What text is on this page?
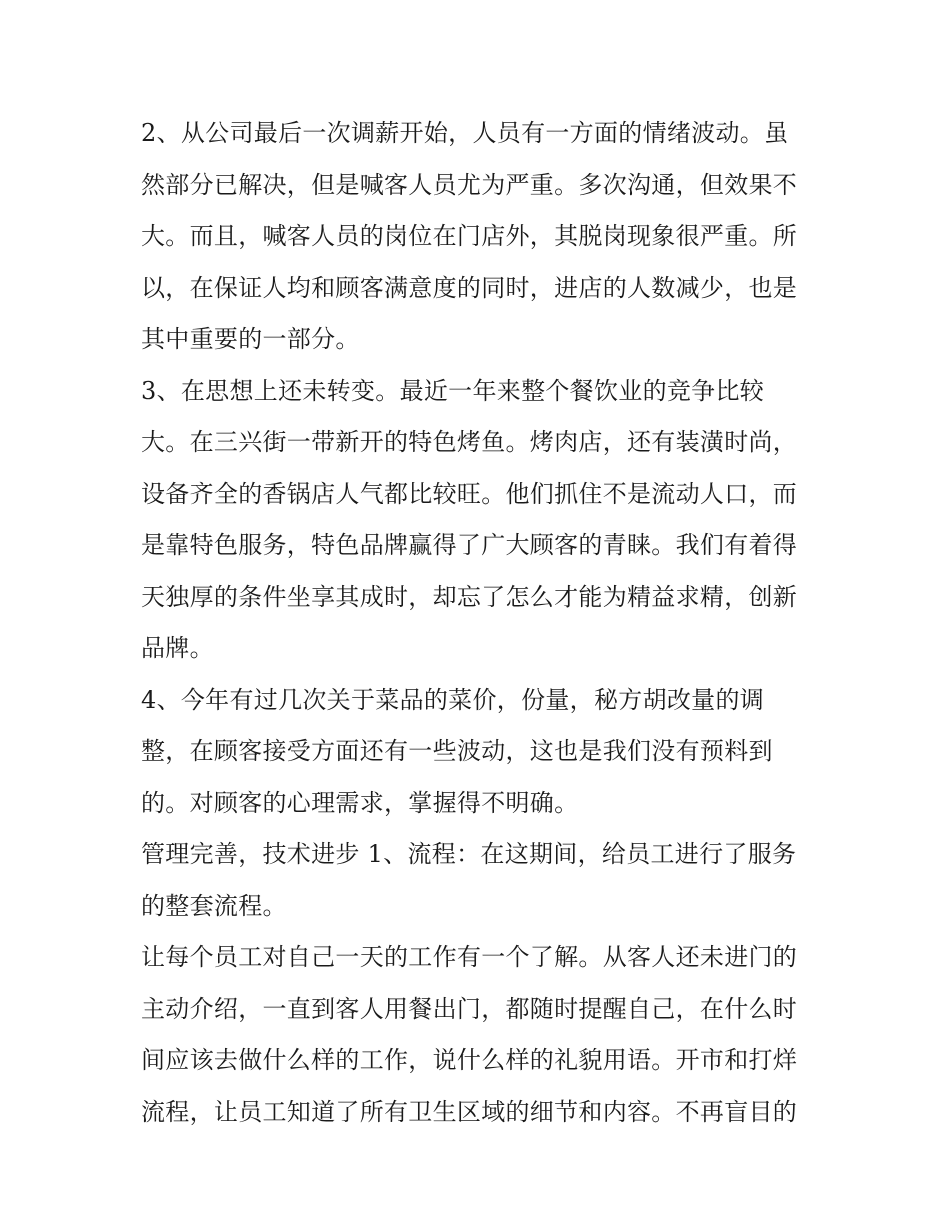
2、从公司最后一次调薪开始，人员有一方面的情绪波动。虽
然部分已解决，但是喊客人员尤为严重。多次沟通，但效果不
大。而且，喊客人员的岗位在门店外，其脱岗现象很严重。所
以，在保证人均和顾客满意度的同时，进店的人数减少，也是
其中重要的一部分。
3、在思想上还未转变。最近一年来整个餐饮业的竞争比较
大。在三兴街一带新开的特色烤鱼。烤肉店，还有装潢时尚，
设备齐全的香锅店人气都比较旺。他们抓住不是流动人口，而
是靠特色服务，特色品牌赢得了广大顾客的青睐。我们有着得
天独厚的条件坐享其成时，却忘了怎么才能为精益求精，创新
品牌。
4、今年有过几次关于菜品的菜价，份量，秘方胡改量的调
整，在顾客接受方面还有一些波动，这也是我们没有预料到
的。对顾客的心理需求，掌握得不明确。
管理完善，技术进步 1、流程：在这期间，给员工进行了服务
的整套流程。
让每个员工对自己一天的工作有一个了解。从客人还未进门的
主动介绍，一直到客人用餐出门，都随时提醒自己，在什么时
间应该去做什么样的工作，说什么样的礼貌用语。开市和打烊
流程，让员工知道了所有卫生区域的细节和内容。不再盲目的
